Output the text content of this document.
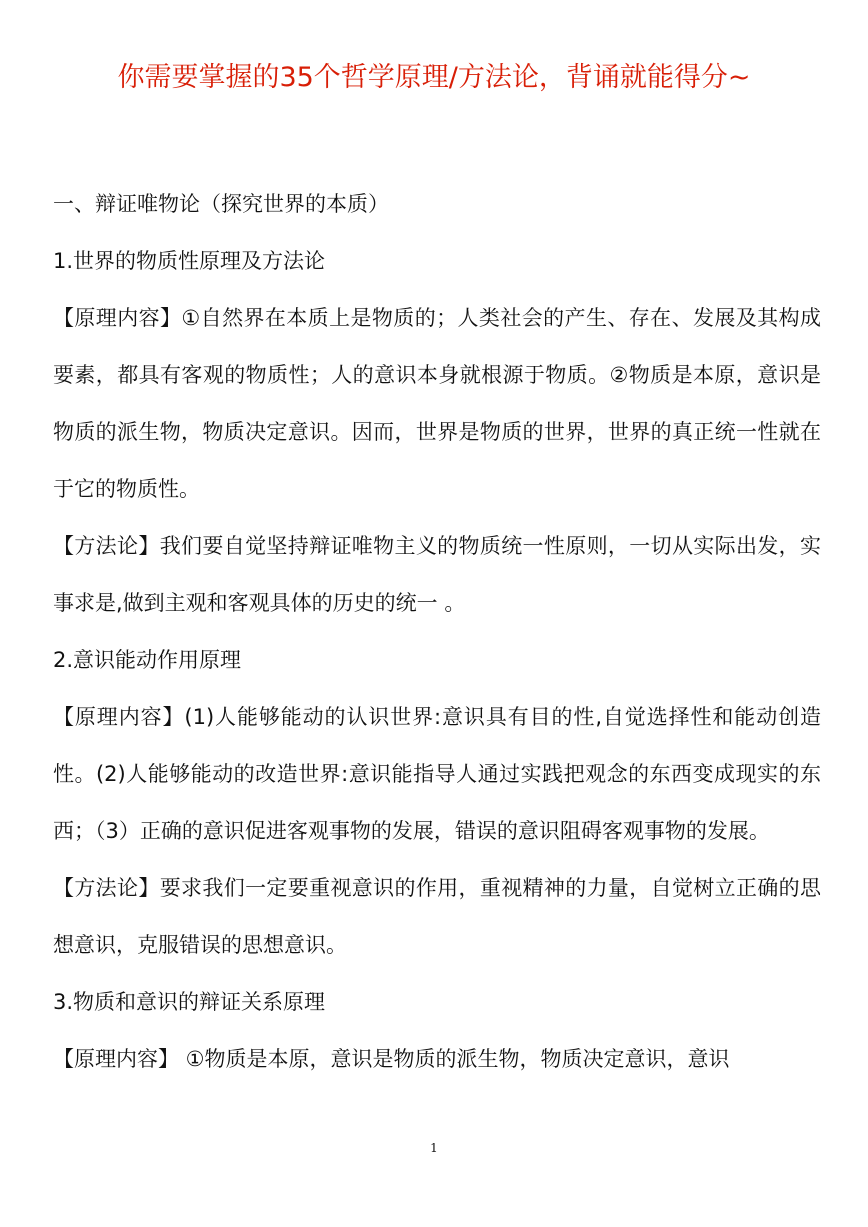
你需要掌握的35个哲学原理/方法论，背诵就能得分~

一、辩证唯物论（探究世界的本质）

1.世界的物质性原理及方法论

【原理内容】①自然界在本质上是物质的；人类社会的产生、存在、发展及其构成要素，都具有客观的物质性；人的意识本身就根源于物质。②物质是本原，意识是物质的派生物，物质决定意识。因而，世界是物质的世界，世界的真正统一性就在于它的物质性。

【方法论】我们要自觉坚持辩证唯物主义的物质统一性原则，一切从实际出发，实事求是,做到主观和客观具体的历史的统一 。

2.意识能动作用原理

【原理内容】(1)人能够能动的认识世界:意识具有目的性,自觉选择性和能动创造性。(2)人能够能动的改造世界:意识能指导人通过实践把观念的东西变成现实的东西；（3）正确的意识促进客观事物的发展，错误的意识阻碍客观事物的发展。

【方法论】要求我们一定要重视意识的作用，重视精神的力量，自觉树立正确的思想意识，克服错误的思想意识。

3.物质和意识的辩证关系原理

【原理内容】 ①物质是本原，意识是物质的派生物，物质决定意识，意识

1
